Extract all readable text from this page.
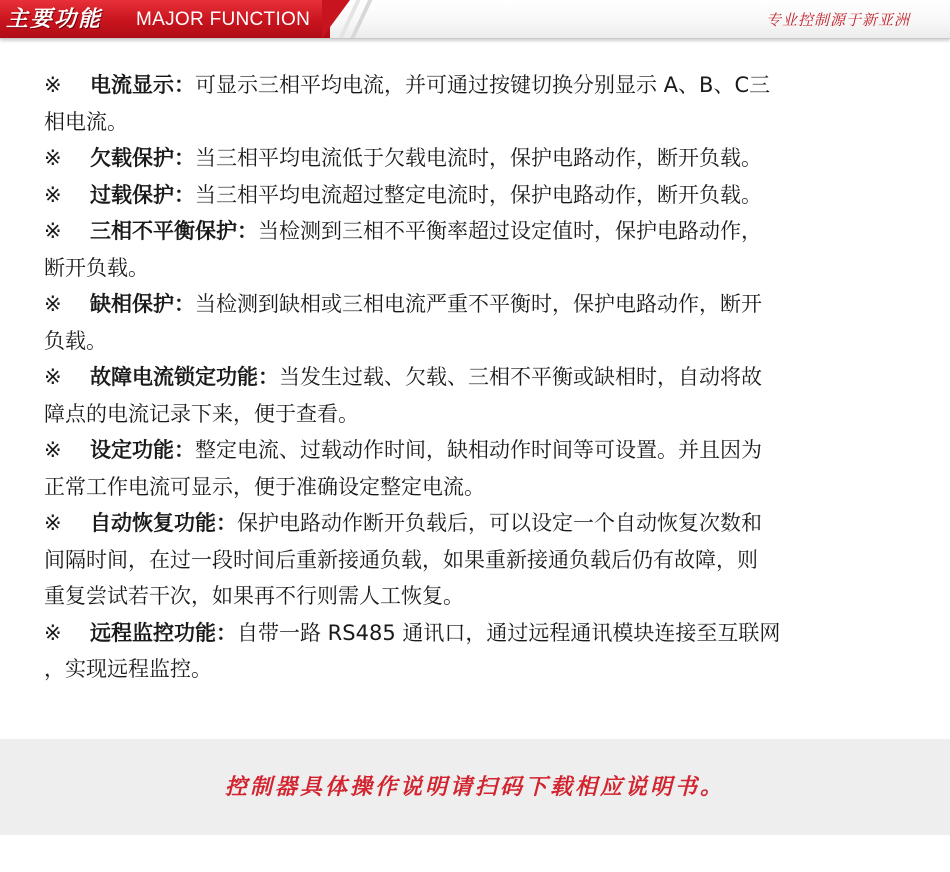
主要功能 MAJOR FUNCTION	专业控制源于新亚洲
※ 电流显示：可显示三相平均电流，并可通过按键切换分别显示 A、B、C三
相电流。
※ 欠载保护：当三相平均电流低于欠载电流时，保护电路动作，断开负载。
※ 过载保护：当三相平均电流超过整定电流时，保护电路动作，断开负载。
※ 三相不平衡保护：当检测到三相不平衡率超过设定值时，保护电路动作，
断开负载。
※ 缺相保护：当检测到缺相或三相电流严重不平衡时，保护电路动作，断开
负载。
※ 故障电流锁定功能：当发生过载、欠载、三相不平衡或缺相时，自动将故
障点的电流记录下来，便于查看。
※ 设定功能：整定电流、过载动作时间，缺相动作时间等可设置。并且因为
正常工作电流可显示，便于准确设定整定电流。
※ 自动恢复功能：保护电路动作断开负载后，可以设定一个自动恢复次数和
间隔时间，在过一段时间后重新接通负载，如果重新接通负载后仍有故障，则
重复尝试若干次，如果再不行则需人工恢复。
※ 远程监控功能：自带一路 RS485 通讯口，通过远程通讯模块连接至互联网
，实现远程监控。
控制器具体操作说明请扫码下载相应说明书。
